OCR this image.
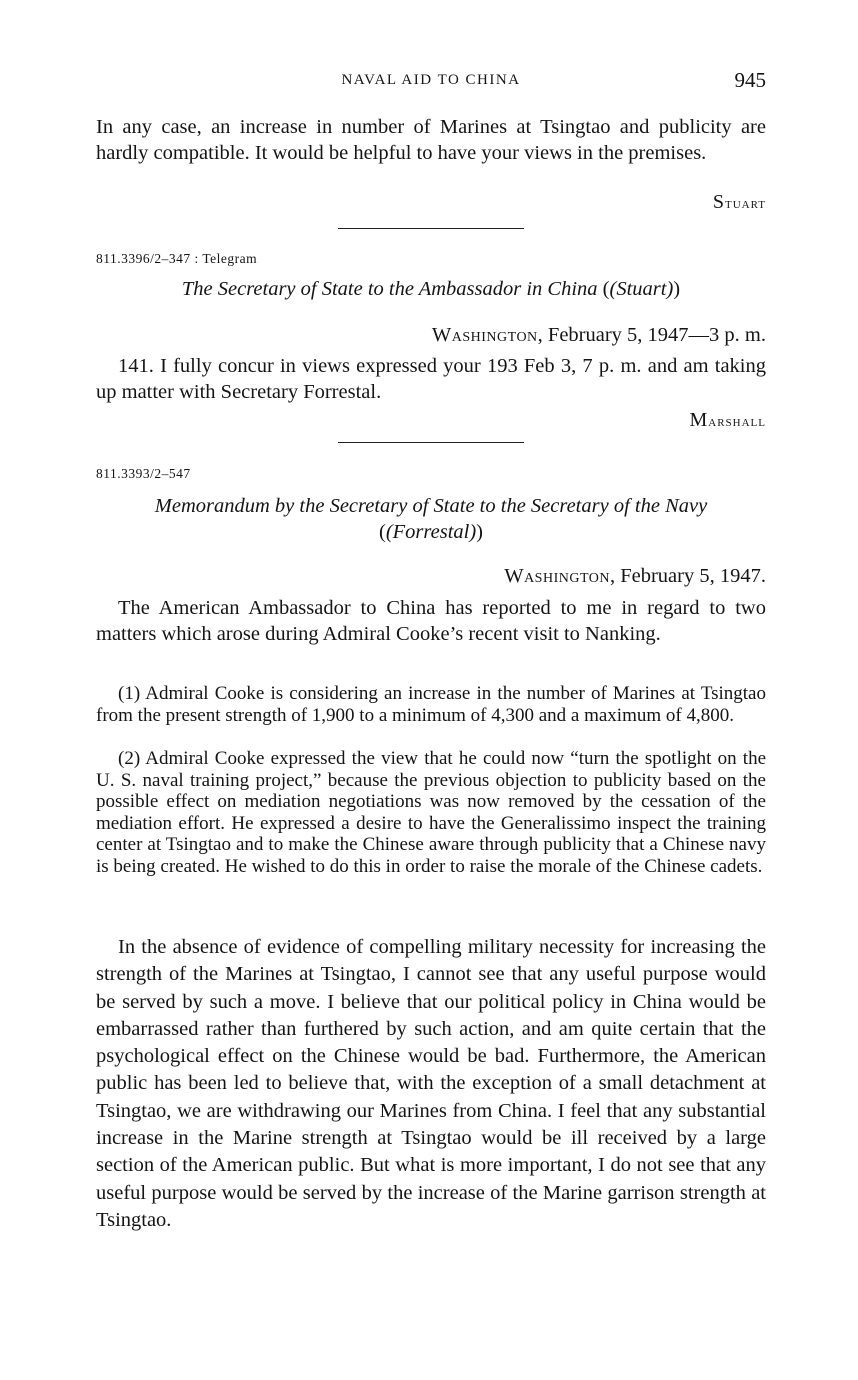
NAVAL AID TO CHINA	945

In any case, an increase in number of Marines at Tsingtao and publicity are hardly compatible. It would be helpful to have your views in the premises.

Stuart

811.3396/2–347 : Telegram

The Secretary of State to the Ambassador in China ((Stuart))

Washington, February 5, 1947—3 p. m.

141. I fully concur in views expressed your 193 Feb 3, 7 p. m. and am taking up matter with Secretary Forrestal.

Marshall

811.3393/2–547

Memorandum by the Secretary of State to the Secretary of the Navy

((Forrestal))

Washington, February 5, 1947.

The American Ambassador to China has reported to me in regard to two matters which arose during Admiral Cooke’s recent visit to Nanking.

(1) Admiral Cooke is considering an increase in the number of Marines at Tsingtao from the present strength of 1,900 to a minimum of 4,300 and a maximum of 4,800.

(2) Admiral Cooke expressed the view that he could now “turn the spotlight on the U. S. naval training project,” because the previous objection to publicity based on the possible effect on mediation negotiations was now removed by the cessation of the mediation effort. He expressed a desire to have the Generalissimo inspect the training center at Tsingtao and to make the Chinese aware through publicity that a Chinese navy is being created. He wished to do this in order to raise the morale of the Chinese cadets.

In the absence of evidence of compelling military necessity for increasing the strength of the Marines at Tsingtao, I cannot see that any useful purpose would be served by such a move. I believe that our political policy in China would be embarrassed rather than furthered by such action, and am quite certain that the psychological effect on the Chinese would be bad. Furthermore, the American public has been led to believe that, with the exception of a small detachment at Tsingtao, we are withdrawing our Marines from China. I feel that any substantial increase in the Marine strength at Tsingtao would be ill received by a large section of the American public. But what is more important, I do not see that any useful purpose would be served by the increase of the Marine garrison strength at Tsingtao.
